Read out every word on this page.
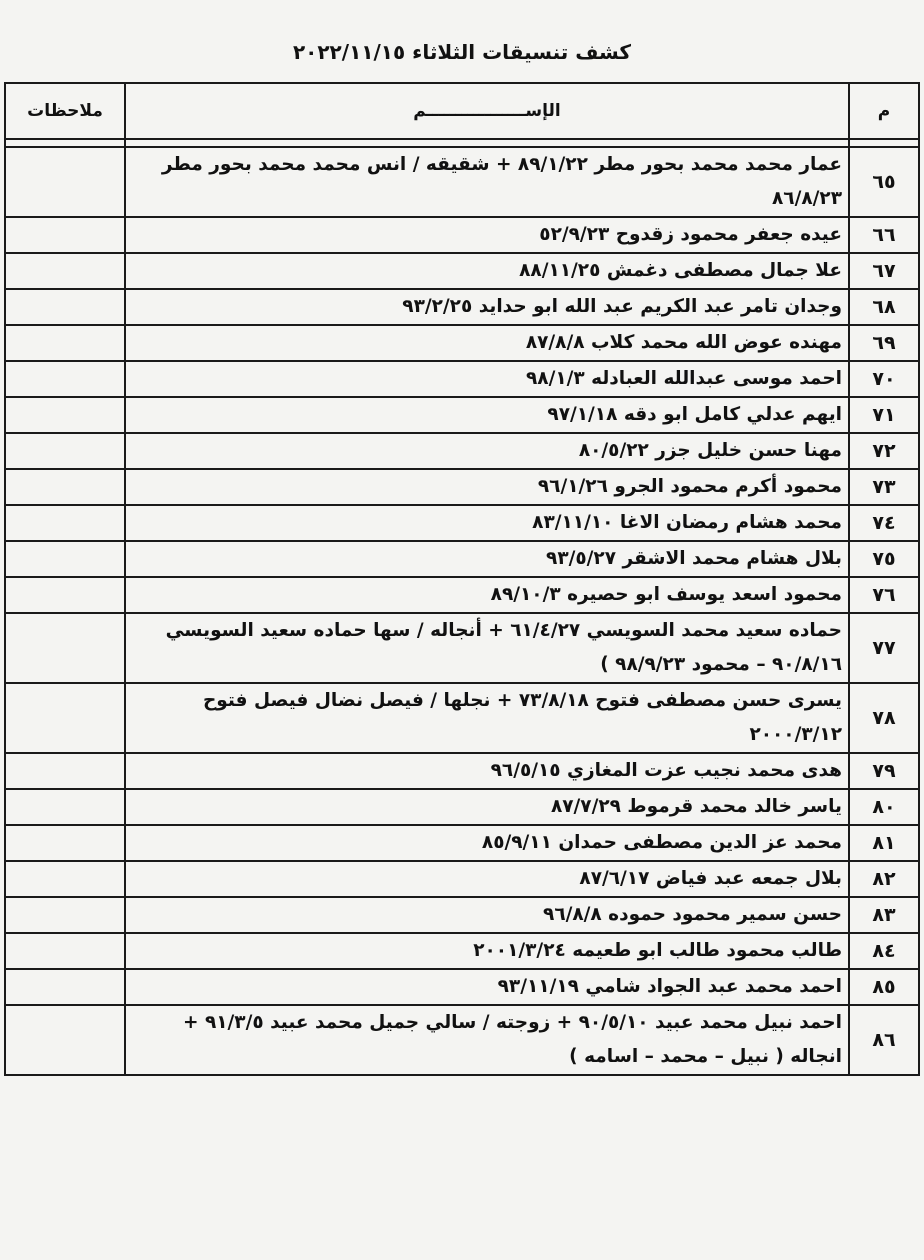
كشف تنسيقات الثلاثاء ٢٠٢٢/١١/١٥
م	الإســـــــــــــــــم	ملاحظات

٦٥	عمار محمد محمد بحور مطر ٨٩/١/٢٢ + شقيقه / انس محمد محمد بحور مطر ٨٦/٨/٢٣	
٦٦	عيده جعفر محمود زقدوح ٥٢/٩/٢٣	
٦٧	علا جمال مصطفى دغمش ٨٨/١١/٢٥	
٦٨	وجدان تامر عبد الكريم عبد الله ابو حدايد ٩٣/٢/٢٥	
٦٩	مهنده عوض الله محمد كلاب ٨٧/٨/٨	
٧٠	احمد موسى عبدالله العبادله ٩٨/١/٣	
٧١	ايهم عدلي كامل ابو دقه ٩٧/١/١٨	
٧٢	مهنا حسن خليل جزر ٨٠/٥/٢٢	
٧٣	محمود أكرم محمود الجرو ٩٦/١/٢٦	
٧٤	محمد هشام رمضان الاغا ٨٣/١١/١٠	
٧٥	بلال هشام محمد الاشقر ٩٣/٥/٢٧	
٧٦	محمود اسعد يوسف ابو حصيره ٨٩/١٠/٣	
٧٧	حماده سعيد محمد السويسي ٦١/٤/٢٧ + أنجاله / سها حماده سعيد السويسي ٩٠/٨/١٦ – محمود ٩٨/٩/٢٣ )	
٧٨	يسرى حسن مصطفى فتوح ٧٣/٨/١٨ + نجلها / فيصل نضال فيصل فتوح ٢٠٠٠/٣/١٢	
٧٩	هدى محمد نجيب عزت المغازي ٩٦/٥/١٥	
٨٠	ياسر خالد محمد قرموط ٨٧/٧/٢٩	
٨١	محمد عز الدين مصطفى حمدان ٨٥/٩/١١	
٨٢	بلال جمعه عبد فياض ٨٧/٦/١٧	
٨٣	حسن سمير محمود حموده ٩٦/٨/٨	
٨٤	طالب محمود طالب ابو طعيمه ٢٠٠١/٣/٢٤	
٨٥	احمد محمد عبد الجواد شامي ٩٣/١١/١٩	
٨٦	احمد نبيل محمد عبيد ٩٠/٥/١٠ + زوجته / سالي جميل محمد عبيد ٩١/٣/٥ + انجاله ( نبيل – محمد – اسامه )	
